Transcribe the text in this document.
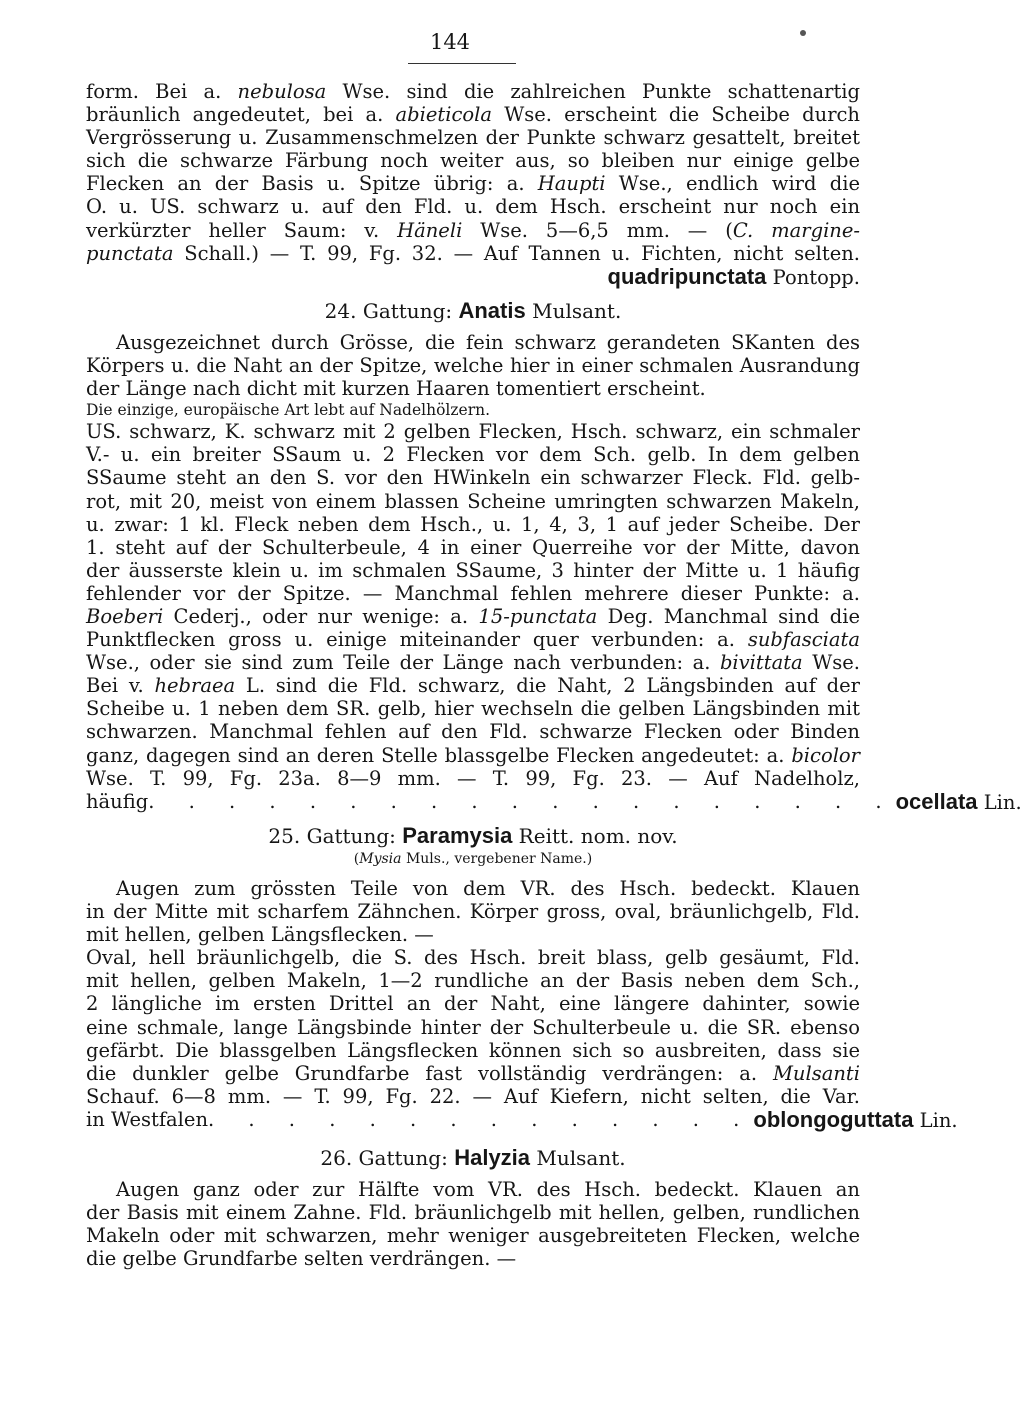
144

form. Bei a. nebulosa Wse. sind die zahlreichen Punkte schattenartig

bräunlich angedeutet, bei a. abieticola Wse. erscheint die Scheibe durch

Vergrösserung u. Zusammenschmelzen der Punkte schwarz gesattelt, breitet

sich die schwarze Färbung noch weiter aus, so bleiben nur einige gelbe

Flecken an der Basis u. Spitze übrig: a. Haupti Wse., endlich wird die

O. u. US. schwarz u. auf den Fld. u. dem Hsch. erscheint nur noch ein

verkürzter heller Saum: v. Häneli Wse. 5—6,5 mm. — (C. margine-

punctata Schall.) — T. 99, Fg. 32. — Auf Tannen u. Fichten, nicht selten.

quadripunctata Pontopp.

24. Gattung: Anatis Mulsant.

Ausgezeichnet durch Grösse, die fein schwarz gerandeten SKanten des

Körpers u. die Naht an der Spitze, welche hier in einer schmalen Ausrandung

der Länge nach dicht mit kurzen Haaren tomentiert erscheint.

Die einzige, europäische Art lebt auf Nadelhölzern.

US. schwarz, K. schwarz mit 2 gelben Flecken, Hsch. schwarz, ein schmaler

V.- u. ein breiter SSaum u. 2 Flecken vor dem Sch. gelb. In dem gelben

SSaume steht an den S. vor den HWinkeln ein schwarzer Fleck. Fld. gelb-

rot, mit 20, meist von einem blassen Scheine umringten schwarzen Makeln,

u. zwar: 1 kl. Fleck neben dem Hsch., u. 1, 4, 3, 1 auf jeder Scheibe. Der

1. steht auf der Schulterbeule, 4 in einer Querreihe vor der Mitte, davon

der äusserste klein u. im schmalen SSaume, 3 hinter der Mitte u. 1 häufig

fehlender vor der Spitze. — Manchmal fehlen mehrere dieser Punkte: a.

Boeberi Cederj., oder nur wenige: a. 15-punctata Deg. Manchmal sind die

Punktflecken gross u. einige miteinander quer verbunden: a. subfasciata

Wse., oder sie sind zum Teile der Länge nach verbunden: a. bivittata Wse.

Bei v. hebraea L. sind die Fld. schwarz, die Naht, 2 Längsbinden auf der

Scheibe u. 1 neben dem SR. gelb, hier wechseln die gelben Längsbinden mit

schwarzen. Manchmal fehlen auf den Fld. schwarze Flecken oder Binden

ganz, dagegen sind an deren Stelle blassgelbe Flecken angedeutet: a. bicolor

Wse. T. 99, Fg. 23a. 8—9 mm. — T. 99, Fg. 23. — Auf Nadelholz,

häufig . . . . . . . . . . . . . . . . . . . ocellata Lin.

25. Gattung: Paramysia Reitt. nom. nov.

(Mysia Muls., vergebener Name.)

Augen zum grössten Teile von dem VR. des Hsch. bedeckt. Klauen

in der Mitte mit scharfem Zähnchen. Körper gross, oval, bräunlichgelb, Fld.

mit hellen, gelben Längsflecken. —

Oval, hell bräunlichgelb, die S. des Hsch. breit blass, gelb gesäumt, Fld.

mit hellen, gelben Makeln, 1—2 rundliche an der Basis neben dem Sch.,

2 längliche im ersten Drittel an der Naht, eine längere dahinter, sowie

eine schmale, lange Längsbinde hinter der Schulterbeule u. die SR. ebenso

gefärbt. Die blassgelben Längsflecken können sich so ausbreiten, dass sie

die dunkler gelbe Grundfarbe fast vollständig verdrängen: a. Mulsanti

Schauf. 6—8 mm. — T. 99, Fg. 22. — Auf Kiefern, nicht selten, die Var.

in Westfalen . . . . . . . . . . . . . . oblongoguttata Lin.

26. Gattung: Halyzia Mulsant.

Augen ganz oder zur Hälfte vom VR. des Hsch. bedeckt. Klauen an

der Basis mit einem Zahne. Fld. bräunlichgelb mit hellen, gelben, rundlichen

Makeln oder mit schwarzen, mehr weniger ausgebreiteten Flecken, welche

die gelbe Grundfarbe selten verdrängen. —
